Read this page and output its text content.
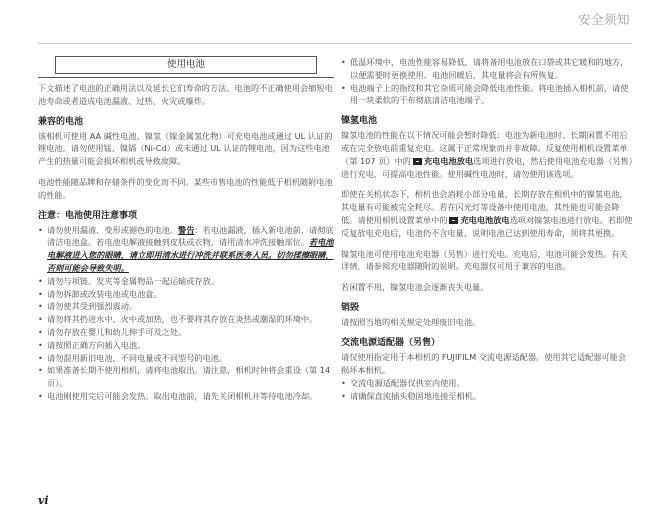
安全须知
使用电池

下文描述了电池的正确用法以及延长它们寿命的方法。电池的不正确使用会缩短电池寿命或者造成电池漏液、过热、火灾或爆炸。

兼容的电池

该相机可使用 AA 碱性电池、镍氢（镍金属氢化物）可充电电池或通过 UL 认证的锂电池。请勿使用锰、镍镉（Ni-Cd）或未通过 UL 认证的锂电池，因为这些电池产生的热量可能会损坏相机或导致故障。

电池性能随品牌和存储条件的变化而不同。某些市售电池的性能低于相机随附电池的性能。

注意：电池使用注意事项
• 请勿使用漏液、变形或褪色的电池。警告：若电池漏液，插入新电池前，请彻底清洁电池盒。若电池电解液接触到皮肤或衣物，请用清水冲洗接触部位。若电池电解液进入您的眼睛，请立即用清水进行冲洗并联系医务人员。切勿揉擦眼睛，否则可能会导致失明。
• 请勿与项链、发夹等金属物品一起运输或存放。
• 请勿拆卸或改装电池或电池盒。
• 请勿使其受到强烈震动。
• 请勿将其扔进水中、火中或加热，也不要将其存放在炎热或潮湿的环境中。
• 请勿存放在婴儿和幼儿伸手可及之处。
• 请按照正确方向插入电池。
• 请勿混用新旧电池、不同电量或不同型号的电池。
• 如果准备长期不使用相机，请将电池取出。请注意，相机时钟将会重设（第 14 页）。
• 电池刚使用完后可能会发热。取出电池前，请先关闭相机并等待电池冷却。
• 低温环境中，电池性能容易降低，请将备用电池放在口袋或其它暖和的地方，以便需要时更换使用。电池回暖后，其电量将会有所恢复。
• 电池端子上的指纹和其它杂质可能会降低电池性能。将电池插入相机前，请使用一块柔软的干布彻底清洁电池端子。
镍氢电池

镍氢电池的性能在以下情况可能会暂时降低：电池为新电池时、长期闲置不用后或在完全放电前重复充电。这属于正常现象而并非故障。反复使用相机设置菜单（第 107 页）中的 充电电池放电选项进行放电，然后使用电池充电器（另售）进行充电，可提高电池性能。使用碱性电池时，请勿使用该选项。

即使在关机状态下，相机也会消耗小部分电量，长期存放在相机中的镍氢电池，其电量有可能被完全耗尽。若在闪光灯等设备中使用电池，其性能也可能会降低。请使用相机设置菜单中的 充电电池放电选项对镍氢电池进行放电。若即使反复放电充电后，电池仍不含电量，说明电池已达到使用寿命，须将其更换。

镍氢电池可使用电池充电器（另售）进行充电。充电后，电池可能会发热。有关详情，请参阅充电器随附的说明。充电器仅可用于兼容的电池。

若闲置不用，镍氢电池会逐渐丧失电量。

销毁

请按照当地的相关规定处理废旧电池。

交流电源适配器（另售）

请仅使用指定用于本相机的 FUJIFILM 交流电源适配器。使用其它适配器可能会损坏本相机。

• 交流电源适配器仅供室内使用。
• 请确保直流插头稳固地连接至相机。
vi
